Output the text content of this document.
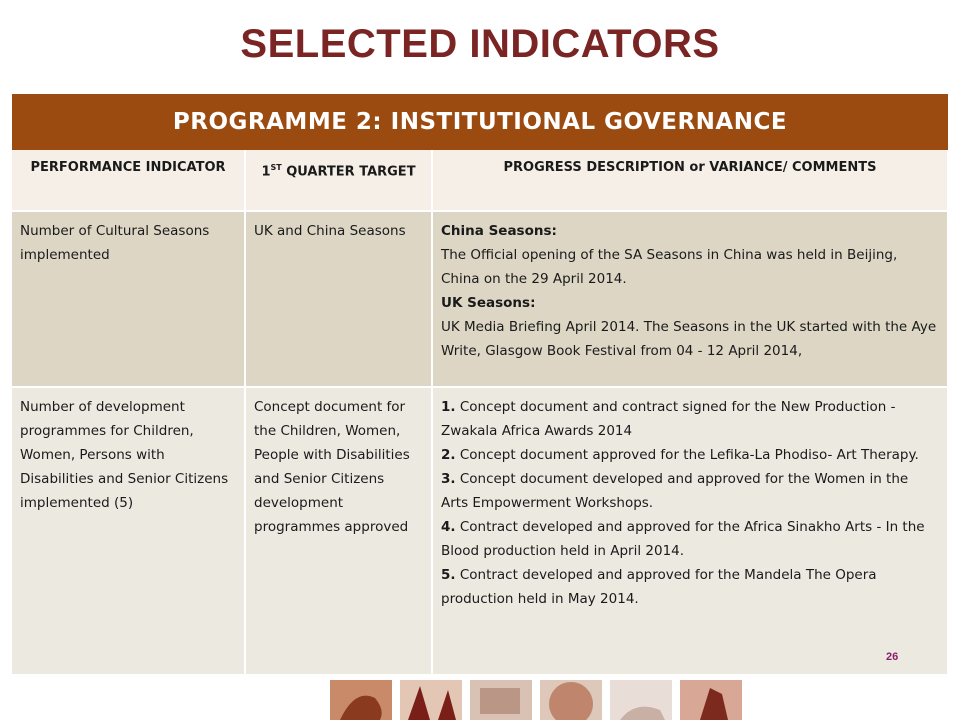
SELECTED INDICATORS
PROGRAMME 2: INSTITUTIONAL GOVERNANCE
PERFORMANCE INDICATOR	1ST QUARTER TARGET	PROGRESS DESCRIPTION or VARIANCE/ COMMENTS
Number of Cultural Seasons implemented	UK and China Seasons	China Seasons:
The Official opening of the SA Seasons in China was held in Beijing, China on the 29 April 2014.
UK Seasons:
UK Media Briefing April 2014. The Seasons in the UK started with the Aye Write, Glasgow Book Festival from 04 - 12 April 2014,

Number of development programmes for Children, Women, Persons with Disabilities and Senior Citizens implemented (5)	Concept document for the Children, Women, People with Disabilities and Senior Citizens development programmes approved	1. Concept document and contract signed for the New Production - Zwakala Africa Awards 2014
2. Concept document approved for the Lefika-La Phodiso- Art Therapy.
3. Concept document developed and approved for the Women in the Arts Empowerment Workshops.
4. Contract developed and approved for the Africa Sinakho Arts - In the Blood production held in April 2014.
5. Contract developed and approved for the Mandela The Opera production held in May 2014.
26
